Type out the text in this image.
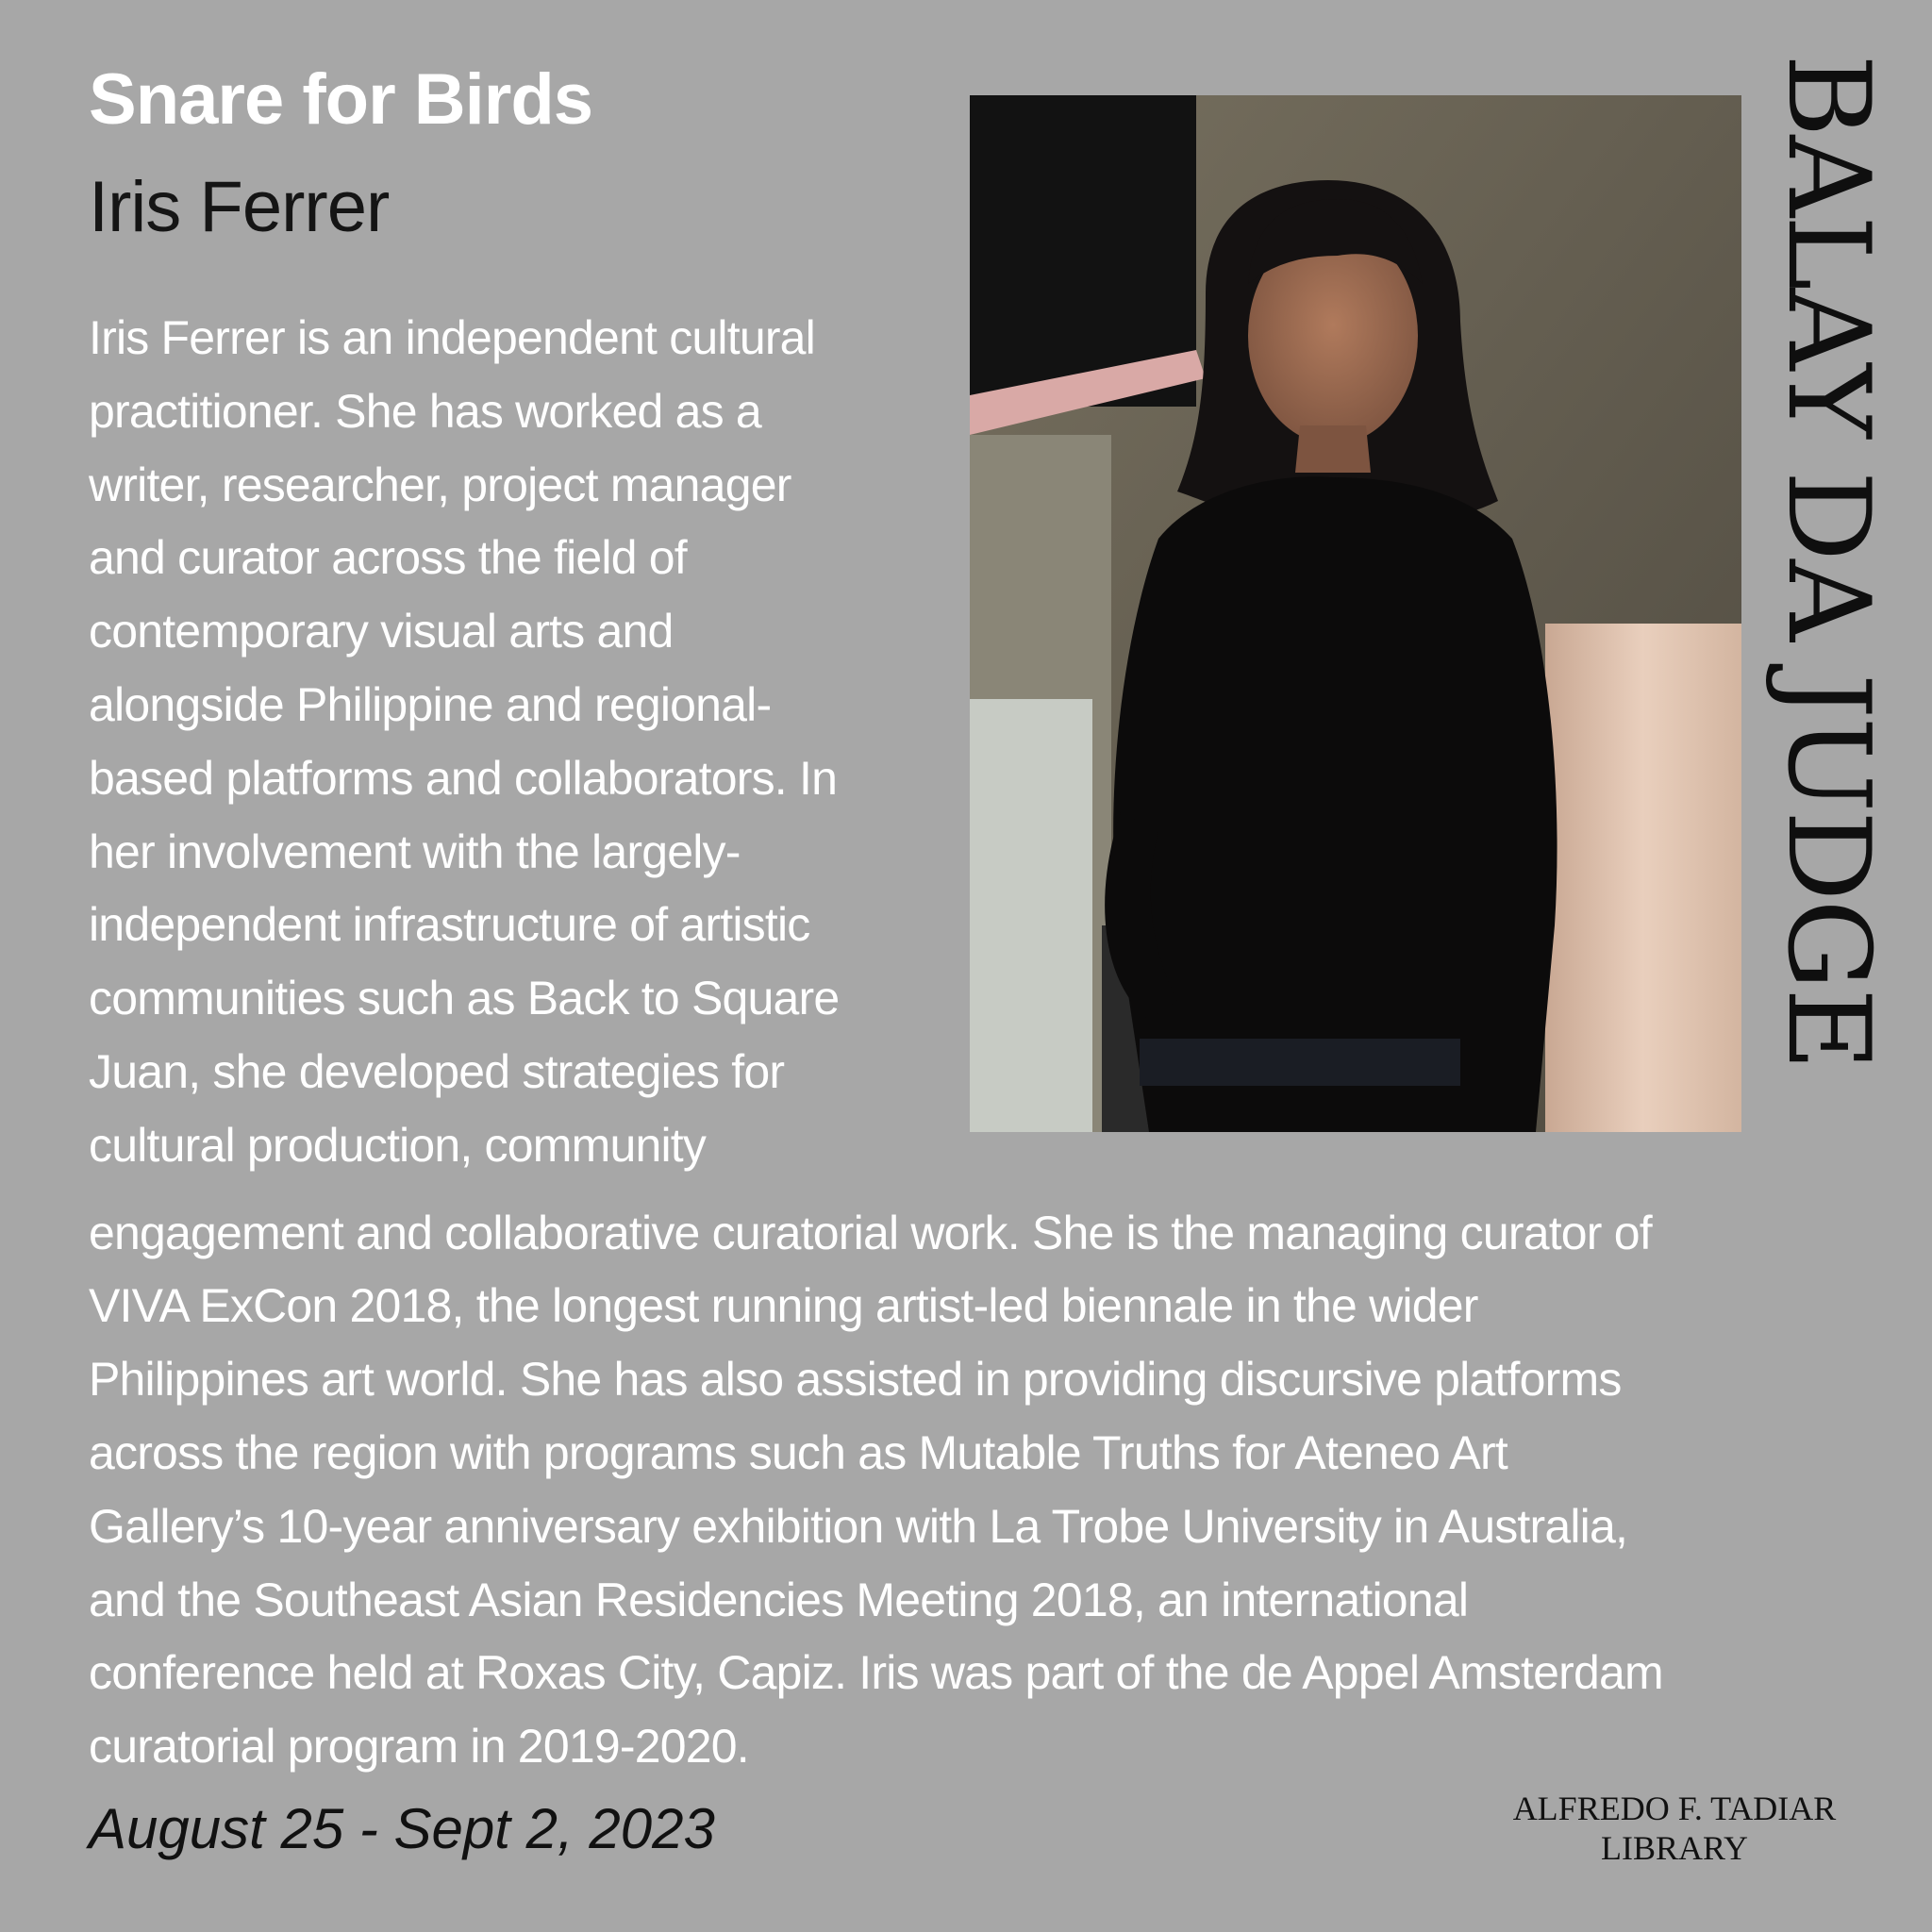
Snare for Birds
Iris Ferrer
Iris Ferrer is an independent cultural
practitioner. She has worked as a
writer, researcher, project manager
and curator across the field of
contemporary visual arts and
alongside Philippine and regional-
based platforms and collaborators. In
her involvement with the largely-
independent infrastructure of artistic
communities such as Back to Square
Juan, she developed strategies for
cultural production, community
engagement and collaborative curatorial work. She is the managing curator of
VIVA ExCon 2018, the longest running artist-led biennale in the wider
Philippines art world. She has also assisted in providing discursive platforms
across the region with programs such as Mutable Truths for Ateneo Art
Gallery’s 10-year anniversary exhibition with La Trobe University in Australia,
and the Southeast Asian Residencies Meeting 2018, an international
conference held at Roxas City, Capiz. Iris was part of the de Appel Amsterdam
curatorial program in 2019-2020.
BALAY DA JUDGE
August 25 - Sept 2, 2023	ALFREDO F. TADIAR
LIBRARY
